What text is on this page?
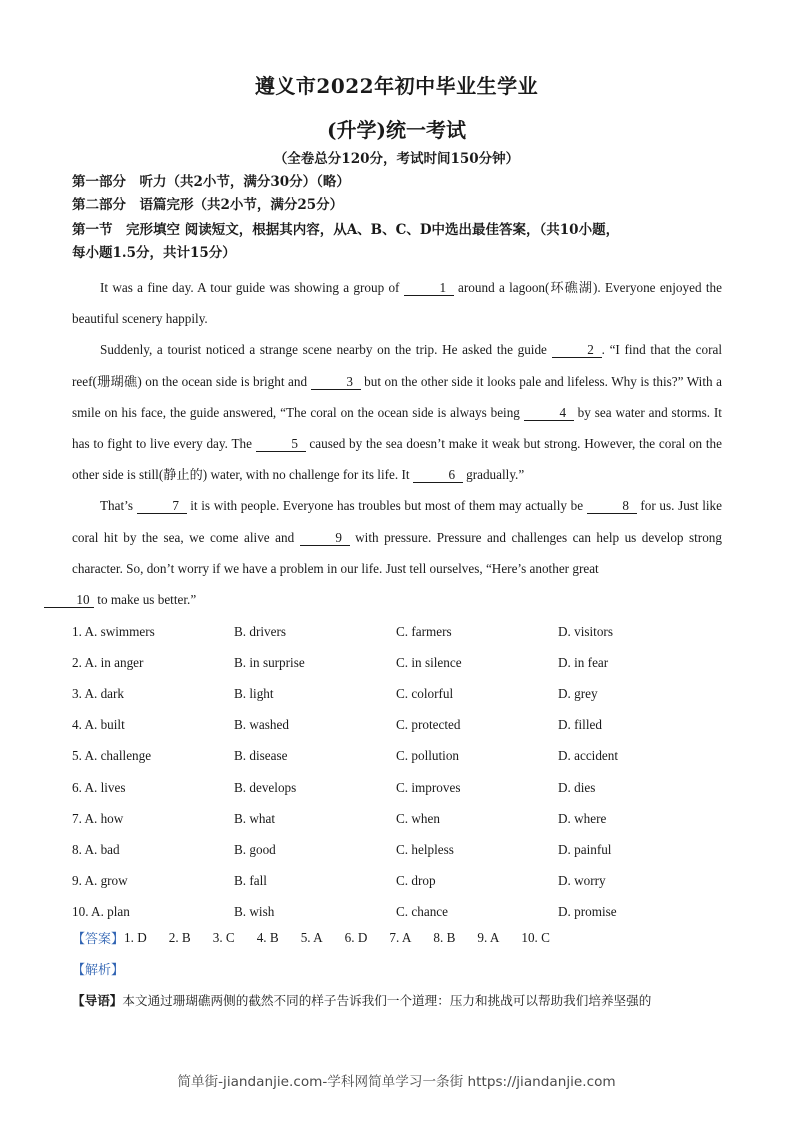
遵义市2022年初中毕业生学业
(升学)统一考试
（全卷总分120分，考试时间150分钟）
第一部分　听力（共2小节，满分30分）（略）
第二部分　语篇完形（共2小节，满分25分）
第一节　完形填空 阅读短文，根据其内容，从A、B、C、D中选出最佳答案，（共10小题，
每小题1.5分，共计15分）

It was a fine day. A tour guide was showing a group of	1 around a lagoon(环礁湖). Everyone enjoyed the beautiful scenery happily.

Suddenly, a tourist noticed a strange scene nearby on the trip. He asked the guide	2 . “I find that the coral reef(珊瑚礁) on the ocean side is bright and	3 but on the other side it looks pale and lifeless. Why is this?” With a smile on his face, the guide answered, “The coral on the ocean side is always being	4 by sea water and storms. It has to fight to live every day. The	5 caused by the sea doesn’t make it weak but strong. However, the coral on the other side is still(静止的) water, with no challenge for its life. It	6 gradually.”

That’s	7 it is with people. Everyone has troubles but most of them may actually be	8 for us. Just like coral hit by the sea, we come alive and	9 with pressure. Pressure and challenges can help us develop strong character. So, don’t worry if we have a problem in our life. Just tell ourselves, “Here’s another great
10 to make us better.”

1. A. swimmers	B. drivers	C. farmers	D. visitors
2. A. in anger	B. in surprise	C. in silence	D. in fear
3. A. dark	B. light	C. colorful	D. grey
4. A. built	B. washed	C. protected	D. filled
5. A. challenge	B. disease	C. pollution	D. accident
6. A. lives	B. develops	C. improves	D. dies
7. A. how	B. what	C. when	D. where
8. A. bad	B. good	C. helpless	D. painful
9. A. grow	B. fall	C. drop	D. worry
10. A. plan	B. wish	C. chance	D. promise
【答案】 1. D 2. B 3. C 4. B 5. A 6. D 7. A 8. B 9. A 10. C
【解析】
【导语】本文通过珊瑚礁两侧的截然不同的样子告诉我们一个道理：压力和挑战可以帮助我们培养坚强的
简单街-jiandanjie.com-学科网简单学习一条街 https://jiandanjie.com
